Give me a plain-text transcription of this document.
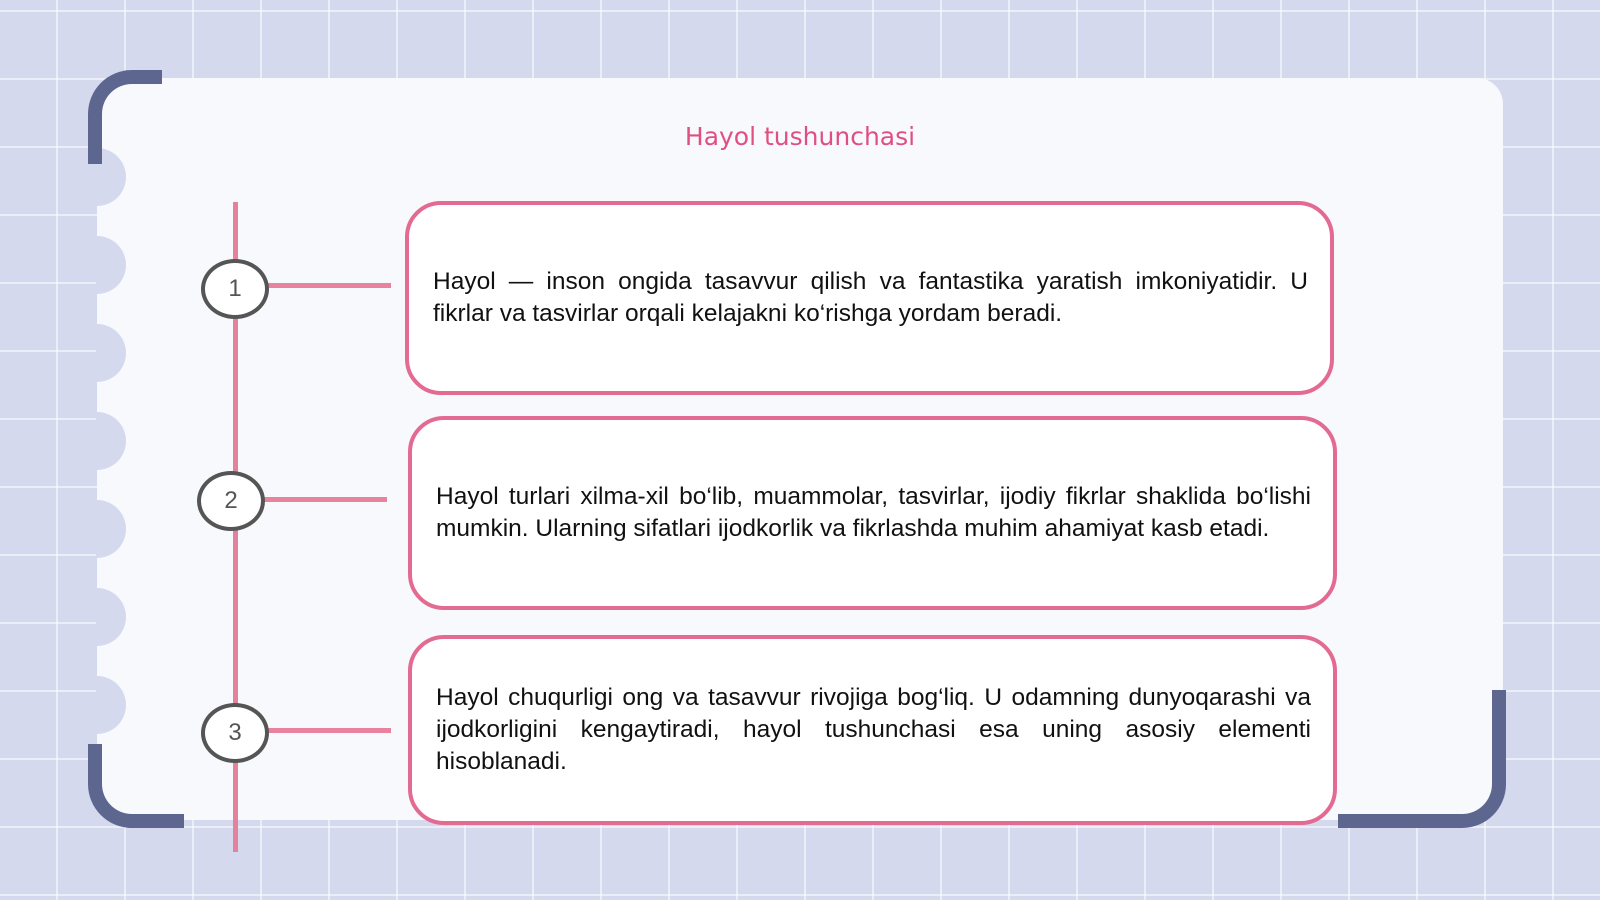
Hayol tushunchasi
1
2
3
Hayol — inson ongida tasavvur qilish va fantastika yaratish imkoniyatidir. U fikrlar va tasvirlar orqali kelajakni ko‘rishga yordam beradi.
Hayol turlari xilma-xil bo‘lib, muammolar, tasvirlar, ijodiy fikrlar shaklida bo‘lishi mumkin. Ularning sifatlari ijodkorlik va fikrlashda muhim ahamiyat kasb etadi.
Hayol chuqurligi ong va tasavvur rivojiga bog‘liq. U odamning dunyoqarashi va ijodkorligini kengaytiradi, hayol tushunchasi esa uning asosiy elementi hisoblanadi.
